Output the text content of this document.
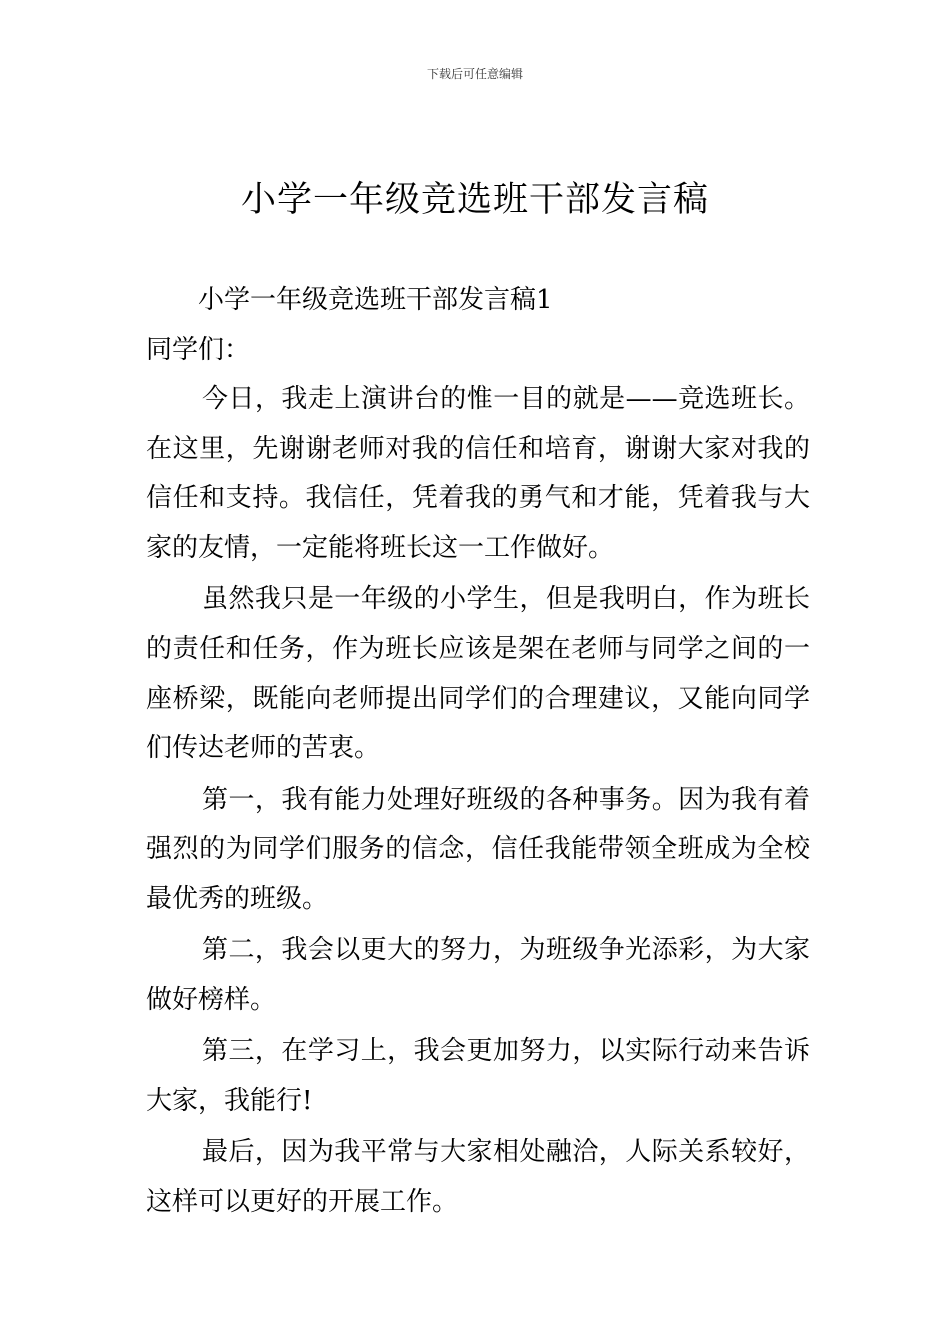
下载后可任意编辑
小学一年级竞选班干部发言稿

小学一年级竞选班干部发言稿1

同学们：

今日，我走上演讲台的惟一目的就是——竞选班长。在这里，先谢谢老师对我的信任和培育，谢谢大家对我的信任和支持。我信任，凭着我的勇气和才能，凭着我与大家的友情，一定能将班长这一工作做好。

虽然我只是一年级的小学生，但是我明白，作为班长的责任和任务，作为班长应该是架在老师与同学之间的一座桥梁，既能向老师提出同学们的合理建议，又能向同学们传达老师的苦衷。

第一，我有能力处理好班级的各种事务。因为我有着强烈的为同学们服务的信念，信任我能带领全班成为全校最优秀的班级。

第二，我会以更大的努力，为班级争光添彩，为大家做好榜样。

第三，在学习上，我会更加努力，以实际行动来告诉大家，我能行!

最后，因为我平常与大家相处融洽，人际关系较好，这样可以更好的开展工作。
